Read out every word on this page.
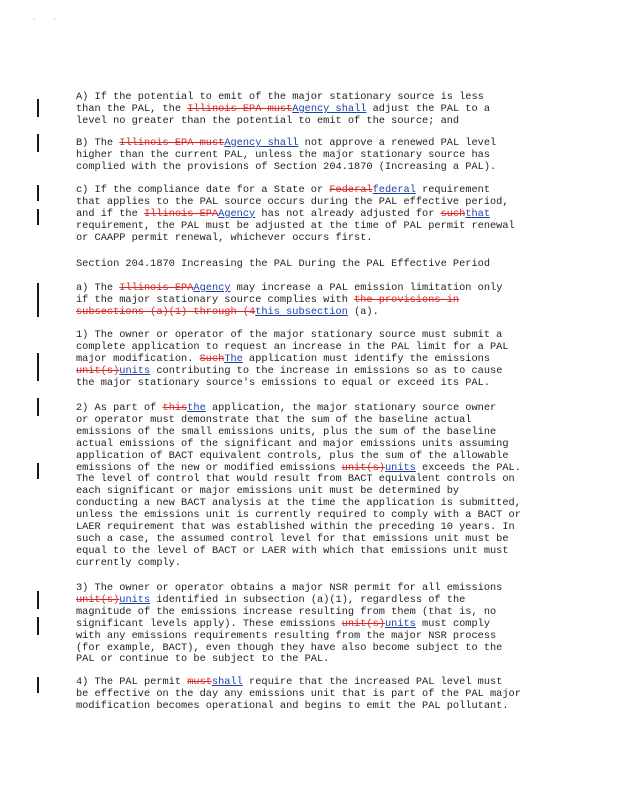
· ·

A) If the potential to emit of the major stationary source is less
than the PAL, the Illinois EPA mustAgency shall adjust the PAL to a
level no greater than the potential to emit of the source; and

B) The Illinois EPA mustAgency shall not approve a renewed PAL level
higher than the current PAL, unless the major stationary source has
complied with the provisions of Section 204.1870 (Increasing a PAL).

c) If the compliance date for a State or Federalfederal requirement
that applies to the PAL source occurs during the PAL effective period,
and if the Illinois EPAAgency has not already adjusted for suchthat
requirement, the PAL must be adjusted at the time of PAL permit renewal
or CAAPP permit renewal, whichever occurs first.

Section 204.1870 Increasing the PAL During the PAL Effective Period

a) The Illinois EPAAgency may increase a PAL emission limitation only
if the major stationary source complies with the provisions in
subsections (a)(1) through (4this subsection (a).

1) The owner or operator of the major stationary source must submit a
complete application to request an increase in the PAL limit for a PAL
major modification. SuchThe application must identify the emissions
unit(s)units contributing to the increase in emissions so as to cause
the major stationary source's emissions to equal or exceed its PAL.

2) As part of thisthe application, the major stationary source owner
or operator must demonstrate that the sum of the baseline actual
emissions of the small emissions units, plus the sum of the baseline
actual emissions of the significant and major emissions units assuming
application of BACT equivalent controls, plus the sum of the allowable
emissions of the new or modified emissions unit(s)units exceeds the PAL.
The level of control that would result from BACT equivalent controls on
each significant or major emissions unit must be determined by
conducting a new BACT analysis at the time the application is submitted,
unless the emissions unit is currently required to comply with a BACT or
LAER requirement that was established within the preceding 10 years. In
such a case, the assumed control level for that emissions unit must be
equal to the level of BACT or LAER with which that emissions unit must
currently comply.

3) The owner or operator obtains a major NSR permit for all emissions
unit(s)units identified in subsection (a)(1), regardless of the
magnitude of the emissions increase resulting from them (that is, no
significant levels apply). These emissions unit(s)units must comply
with any emissions requirements resulting from the major NSR process
(for example, BACT), even though they have also become subject to the
PAL or continue to be subject to the PAL.

4) The PAL permit mustshall require that the increased PAL level must
be effective on the day any emissions unit that is part of the PAL major
modification becomes operational and begins to emit the PAL pollutant.
